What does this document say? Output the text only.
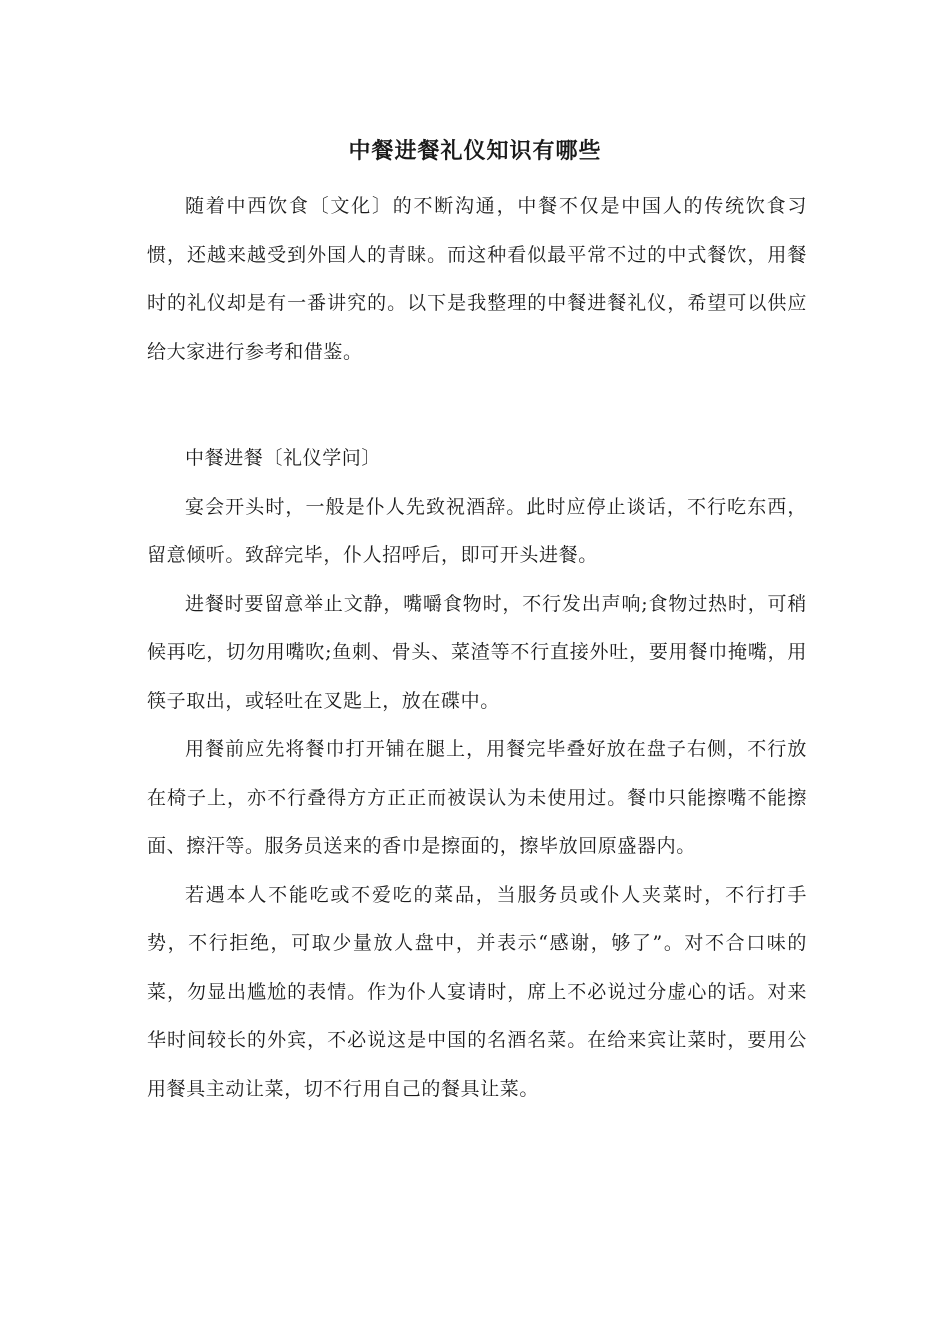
中餐进餐礼仪知识有哪些

随着中西饮食〔文化〕的不断沟通，中餐不仅是中国人的传统饮食习惯，还越来越受到外国人的青睐。而这种看似最平常不过的中式餐饮，用餐时的礼仪却是有一番讲究的。以下是我整理的中餐进餐礼仪，希望可以供应给大家进行参考和借鉴。

中餐进餐〔礼仪学问〕

宴会开头时，一般是仆人先致祝酒辞。此时应停止谈话，不行吃东西，留意倾听。致辞完毕，仆人招呼后，即可开头进餐。

进餐时要留意举止文静，嘴嚼食物时，不行发出声响;食物过热时，可稍候再吃，切勿用嘴吹;鱼刺、骨头、菜渣等不行直接外吐，要用餐巾掩嘴，用筷子取出，或轻吐在叉匙上，放在碟中。

用餐前应先将餐巾打开铺在腿上，用餐完毕叠好放在盘子右侧，不行放在椅子上，亦不行叠得方方正正而被误认为未使用过。餐巾只能擦嘴不能擦面、擦汗等。服务员送来的香巾是擦面的，擦毕放回原盛器内。

若遇本人不能吃或不爱吃的菜品，当服务员或仆人夹菜时，不行打手势，不行拒绝，可取少量放人盘中，并表示“感谢，够了”。对不合口味的菜，勿显出尴尬的表情。作为仆人宴请时，席上不必说过分虚心的话。对来华时间较长的外宾，不必说这是中国的名酒名菜。在给来宾让菜时，要用公用餐具主动让菜，切不行用自己的餐具让菜。
